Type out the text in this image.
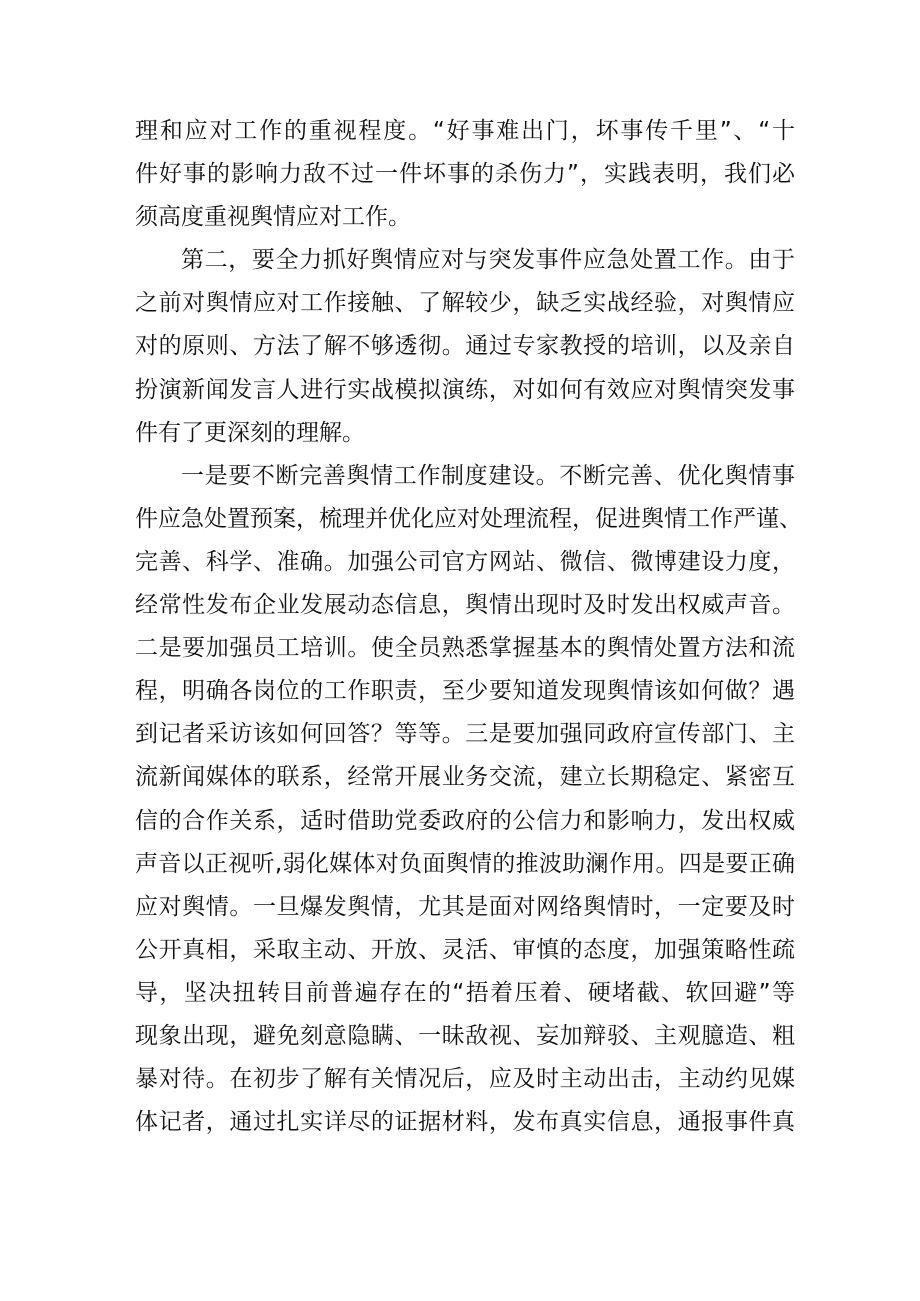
理和应对工作的重视程度。“好事难出门，坏事传千里”、“十
件好事的影响力敌不过一件坏事的杀伤力”，实践表明，我们必
须高度重视舆情应对工作。
第二，要全力抓好舆情应对与突发事件应急处置工作。由于
之前对舆情应对工作接触、了解较少，缺乏实战经验，对舆情应
对的原则、方法了解不够透彻。通过专家教授的培训，以及亲自
扮演新闻发言人进行实战模拟演练，对如何有效应对舆情突发事
件有了更深刻的理解。
一是要不断完善舆情工作制度建设。不断完善、优化舆情事
件应急处置预案，梳理并优化应对处理流程，促进舆情工作严谨、
完善、科学、准确。加强公司官方网站、微信、微博建设力度，
经常性发布企业发展动态信息，舆情出现时及时发出权威声音。
二是要加强员工培训。使全员熟悉掌握基本的舆情处置方法和流
程，明确各岗位的工作职责，至少要知道发现舆情该如何做？遇
到记者采访该如何回答？等等。三是要加强同政府宣传部门、主
流新闻媒体的联系，经常开展业务交流，建立长期稳定、紧密互
信的合作关系，适时借助党委政府的公信力和影响力，发出权威
声音以正视听,弱化媒体对负面舆情的推波助澜作用。四是要正确
应对舆情。一旦爆发舆情，尤其是面对网络舆情时，一定要及时
公开真相，采取主动、开放、灵活、审慎的态度，加强策略性疏
导，坚决扭转目前普遍存在的“捂着压着、硬堵截、软回避”等
现象出现，避免刻意隐瞒、一昧敌视、妄加辩驳、主观臆造、粗
暴对待。在初步了解有关情况后，应及时主动出击，主动约见媒
体记者，通过扎实详尽的证据材料，发布真实信息，通报事件真
